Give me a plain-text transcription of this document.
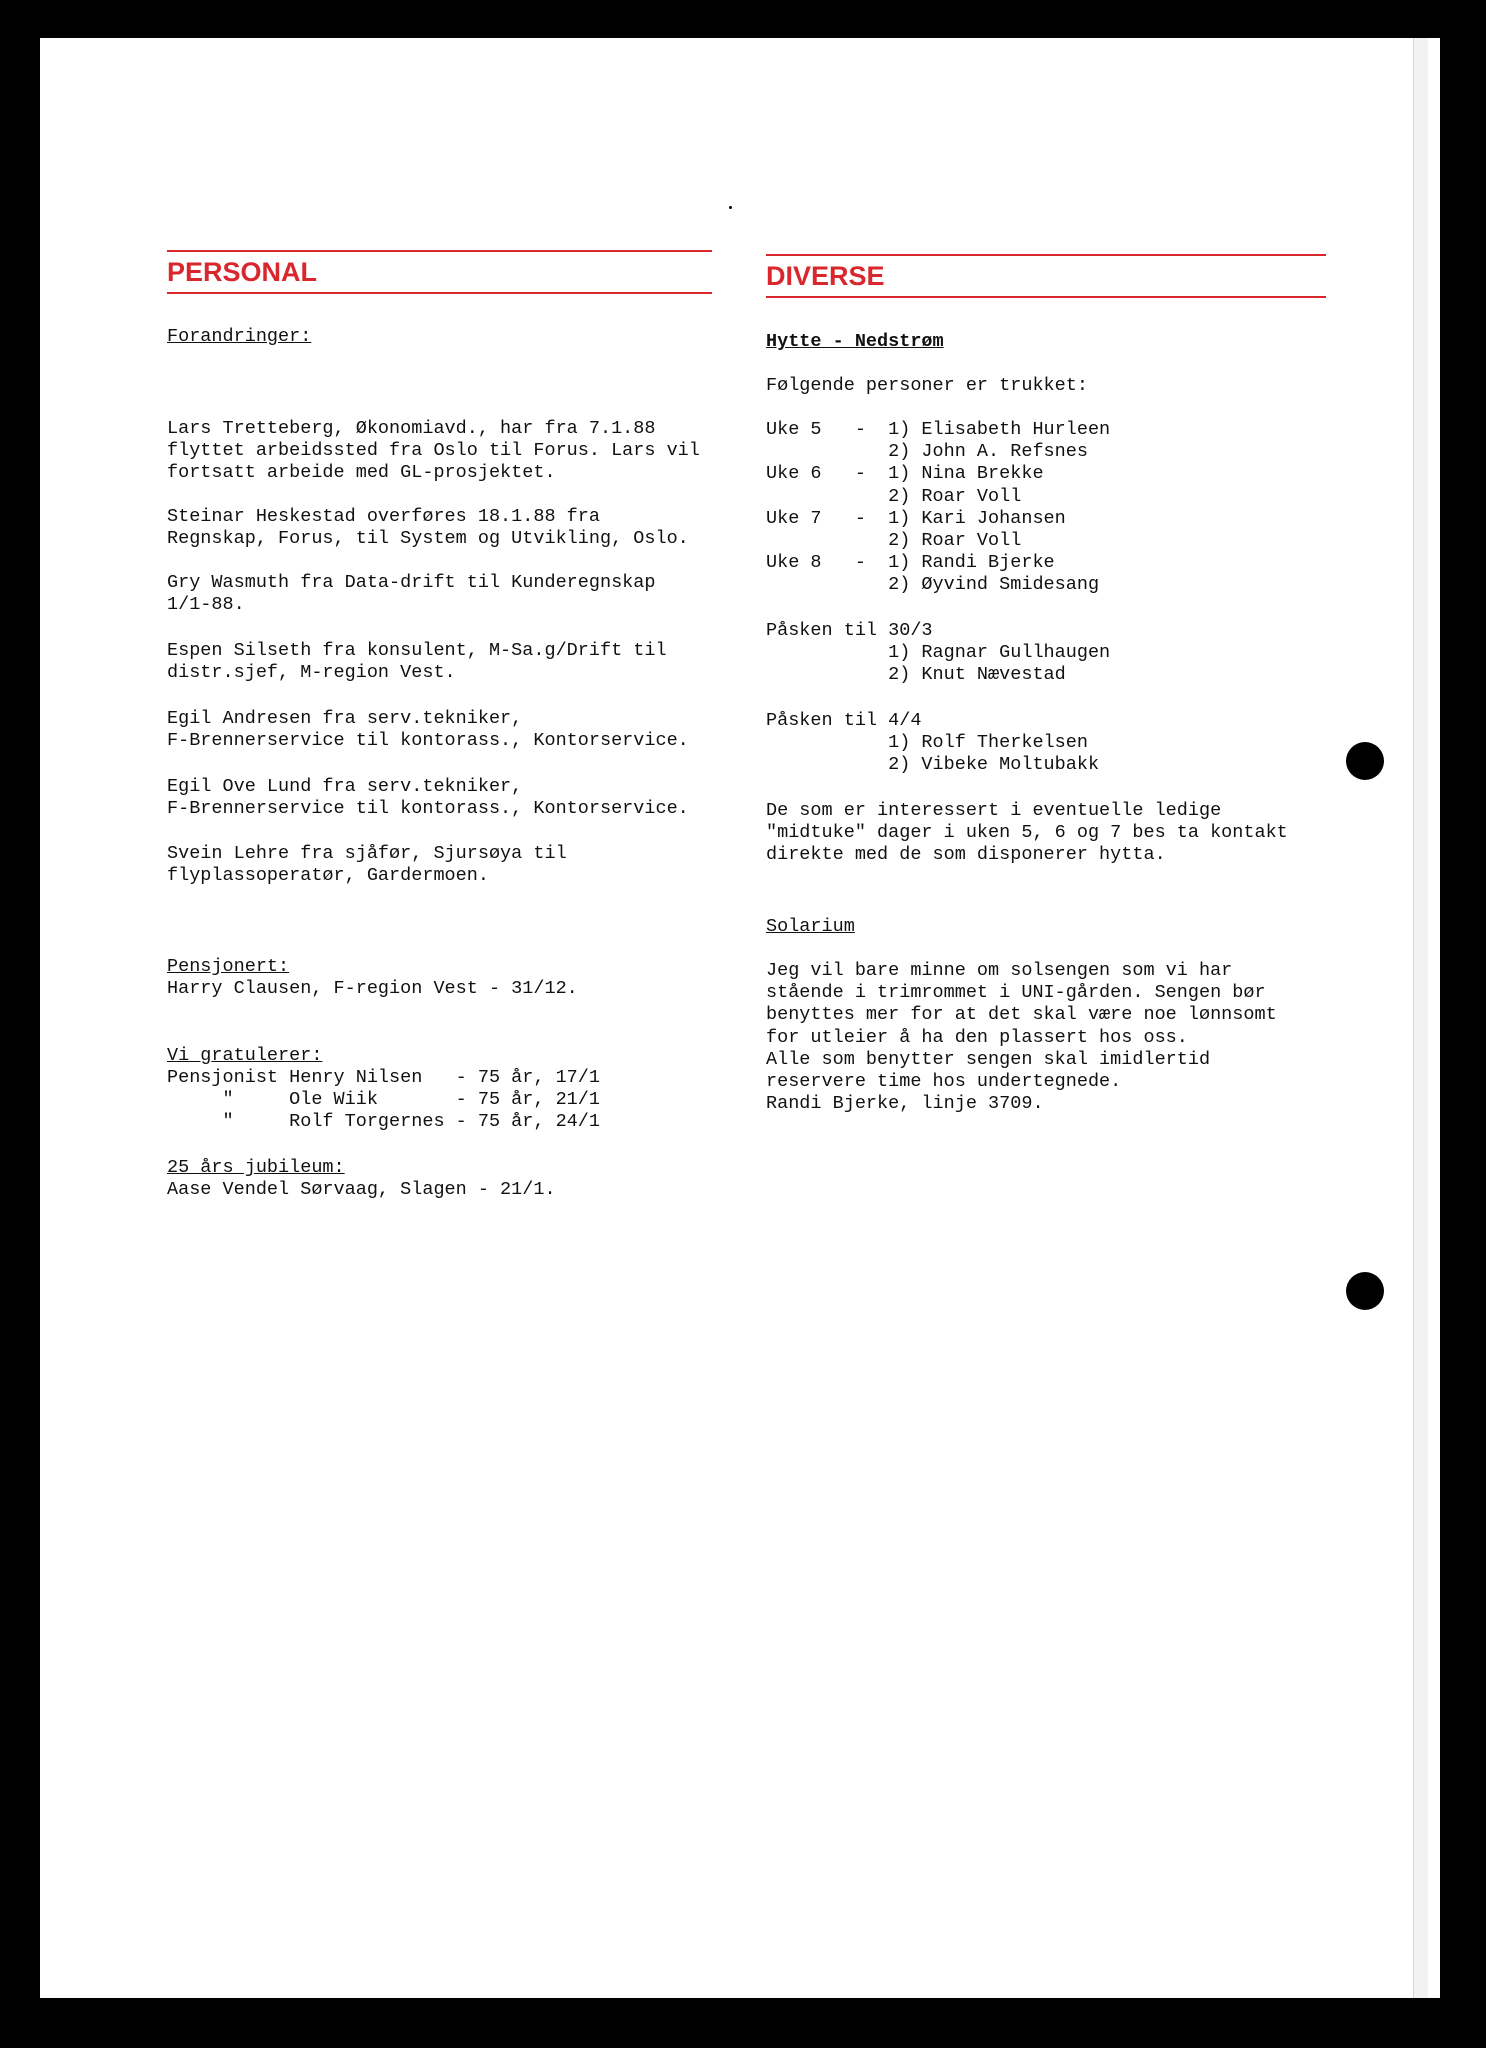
PERSONAL

Forandringer:

Lars Tretteberg, Økonomiavd., har fra 7.1.88

flyttet arbeidssted fra Oslo til Forus. Lars vil

fortsatt arbeide med GL-prosjektet.

Steinar Heskestad overføres 18.1.88 fra

Regnskap, Forus, til System og Utvikling, Oslo.

Gry Wasmuth fra Data-drift til Kunderegnskap

1/1-88.

Espen Silseth fra konsulent, M-Sa.g/Drift til

distr.sjef, M-region Vest.

Egil Andresen fra serv.tekniker,

F-Brennerservice til kontorass., Kontorservice.

Egil Ove Lund fra serv.tekniker,

F-Brennerservice til kontorass., Kontorservice.

Svein Lehre fra sjåfør, Sjursøya til

flyplassoperatør, Gardermoen.

Pensjonert:

Harry Clausen, F-region Vest - 31/12.

Vi gratulerer:

Pensjonist Henry Nilsen   - 75 år, 17/1

"     Ole Wiik       - 75 år, 21/1

"     Rolf Torgernes - 75 år, 24/1

25 års jubileum:

Aase Vendel Sørvaag, Slagen - 21/1.

DIVERSE

Hytte - Nedstrøm

Følgende personer er trukket:

Uke 5   -  1) Elisabeth Hurleen

2) John A. Refsnes

Uke 6   -  1) Nina Brekke

2) Roar Voll

Uke 7   -  1) Kari Johansen

2) Roar Voll

Uke 8   -  1) Randi Bjerke

2) Øyvind Smidesang

Påsken til 30/3

1) Ragnar Gullhaugen

2) Knut Nævestad

Påsken til 4/4

1) Rolf Therkelsen

2) Vibeke Moltubakk

De som er interessert i eventuelle ledige

"midtuke" dager i uken 5, 6 og 7 bes ta kontakt

direkte med de som disponerer hytta.

Solarium

Jeg vil bare minne om solsengen som vi har

stående i trimrommet i UNI-gården. Sengen bør

benyttes mer for at det skal være noe lønnsomt

for utleier å ha den plassert hos oss.

Alle som benytter sengen skal imidlertid

reservere time hos undertegnede.

Randi Bjerke, linje 3709.
